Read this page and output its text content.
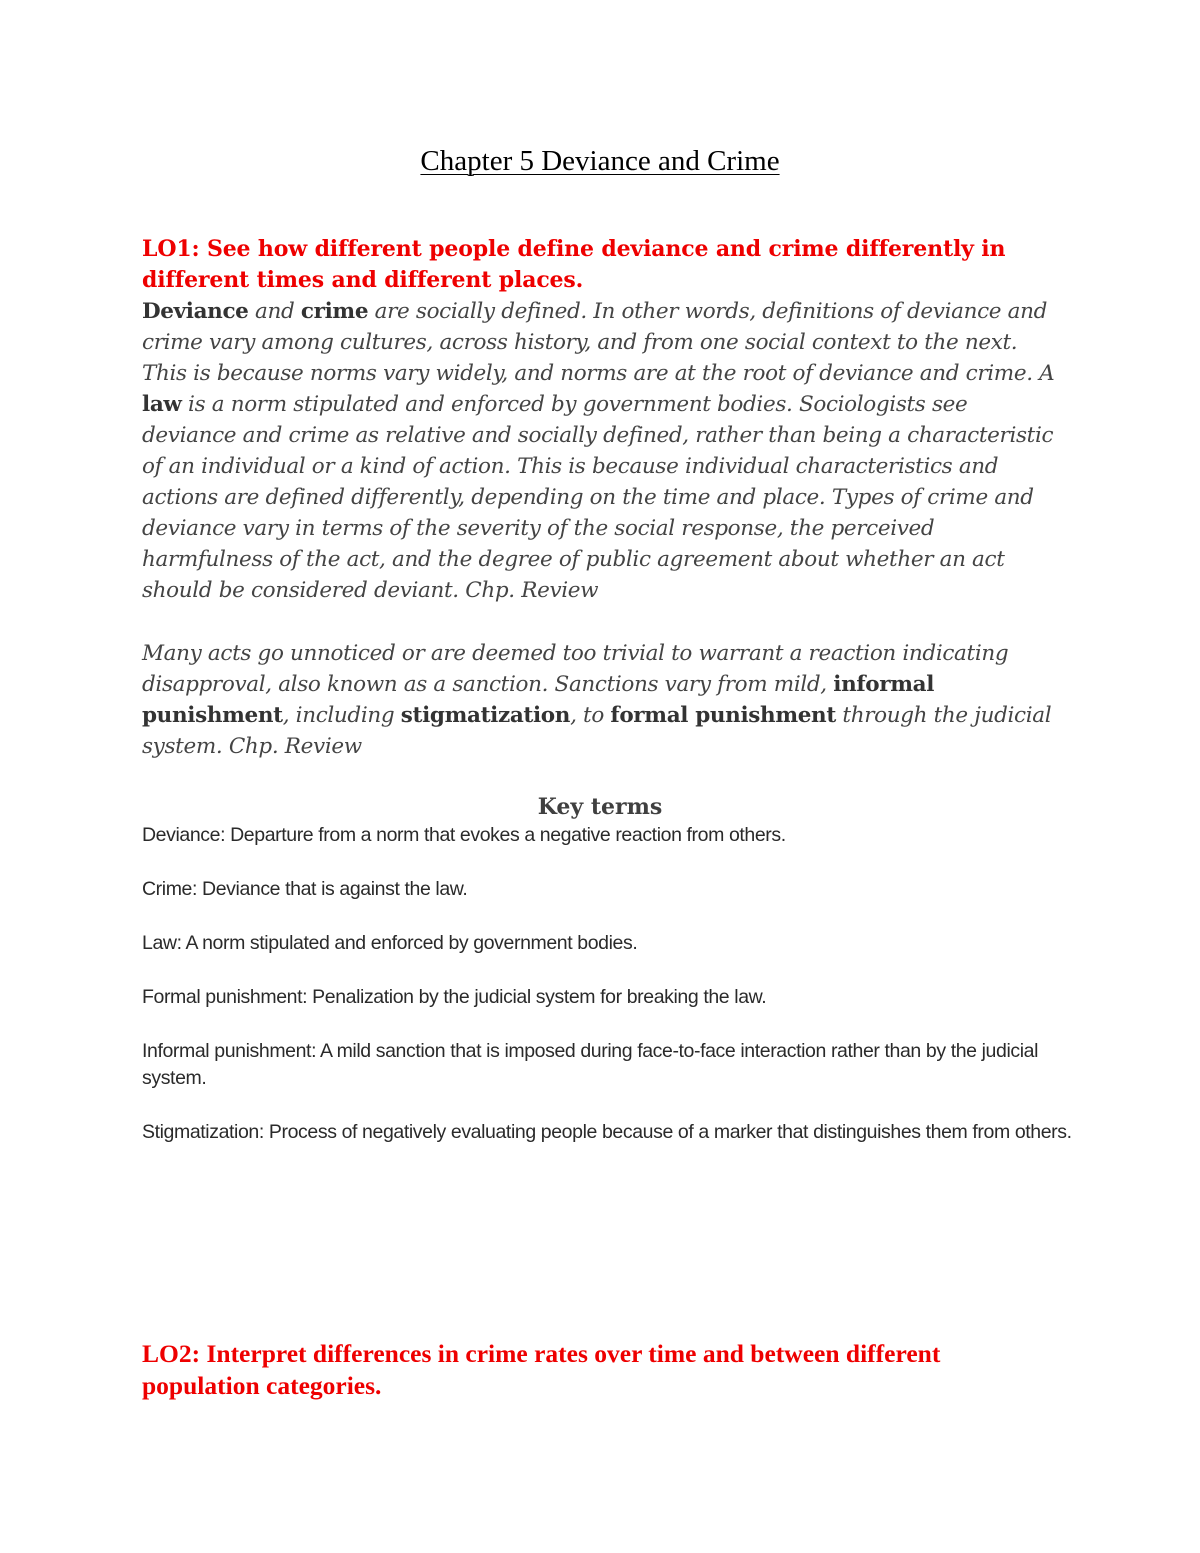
Chapter 5 Deviance and Crime

LO1: See how different people define deviance and crime differently in different times and different places.

Deviance and crime are socially defined. In other words, definitions of deviance and crime vary among cultures, across history, and from one social context to the next. This is because norms vary widely, and norms are at the root of deviance and crime. A law is a norm stipulated and enforced by government bodies. Sociologists see deviance and crime as relative and socially defined, rather than being a characteristic of an individual or a kind of action. This is because individual characteristics and actions are defined differently, depending on the time and place. Types of crime and deviance vary in terms of the severity of the social response, the perceived harmfulness of the act, and the degree of public agreement about whether an act should be considered deviant. Chp. Review

Many acts go unnoticed or are deemed too trivial to warrant a reaction indicating disapproval, also known as a sanction. Sanctions vary from mild, informal punishment, including stigmatization, to formal punishment through the judicial system. Chp. Review

Key terms
Deviance: Departure from a norm that evokes a negative reaction from others.
Crime: Deviance that is against the law.
Law: A norm stipulated and enforced by government bodies.
Formal punishment: Penalization by the judicial system for breaking the law.
Informal punishment: A mild sanction that is imposed during face-to-face interaction rather than by the judicial system.
Stigmatization: Process of negatively evaluating people because of a marker that distinguishes them from others.

LO2: Interpret differences in crime rates over time and between different population categories.
